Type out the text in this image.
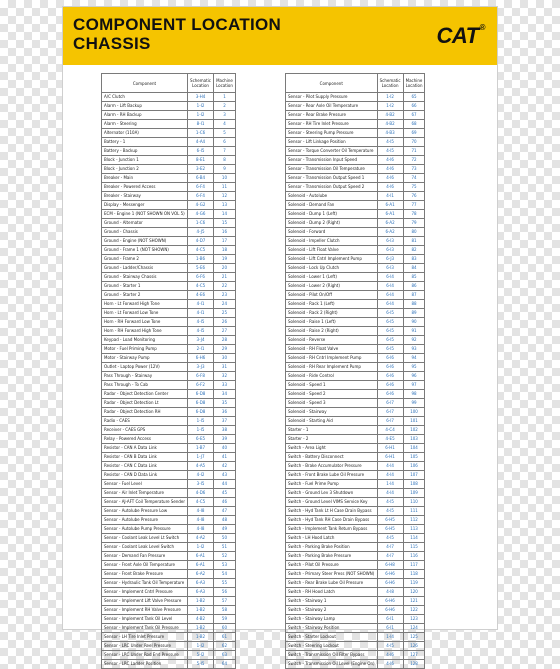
COMPONENT LOCATION
CHASSIS	CAT®
Component	Schematic Location	Machine Location
A/C Clutch	3-H4	1
Alarm - Lift Backup	1-I2	2
Alarm - RH Backup	1-I2	3
Alarm - Steering	8-I1	4
Alternator (110A)	1-C6	5
Battery - 1	4-A4	6
Battery - Backup	6-I5	7
Block - Junction 1	8-E1	8
Block - Junction 2	3-E2	9
Breaker - Main	6-B4	10
Breaker - Powered Access	6-F4	11
Breaker - Stairway	6-F4	12
Display - Messenger	4-G2	13
ECM - Engine 1 (NOT SHOWN ON VOL 5)	4-G6	14
Ground - Alternator	1-C6	15
Ground - Chassis	4-J5	16
Ground - Engine (NOT SHOWN)	4-D7	17
Ground - Frame 1 (NOT SHOWN)	4-C5	18
Ground - Frame 2	1-B6	19
Ground - Ladder/Chassis	5-E6	20
Ground - Stairway Chassis	6-F6	21
Ground - Starter 1	4-C5	22
Ground - Starter 2	4-E6	23
Horn - Lt Forward High Tone	4-I1	24
Horn - Lt Forward Low Tone	4-I1	25
Horn - RH Forward Low Tone	4-I5	26
Horn - RH Forward High Tone	4-I5	27
Keypad - Load Monitoring	3-J4	28
Motor - Fuel Priming Pump	2-I1	29
Motor - Stairway Pump	6-H6	30
Outlet - Laptop Power (12V)	3-J3	31
Pass Through - Stairway	6-F8	32
Pass Through - To Cab	6-F2	33
Radar - Object Detection Center	6-D8	34
Radar - Object Detection Lt	6-D8	35
Radar - Object Detection RH	6-D8	36
Radio - CAES	1-I5	37
Receiver - CAES GPS	1-I5	38
Relay - Powered Access	6-E5	39
Resistor - CAN A Data Link	1-B7	40
Resistor - CAN B Data Link	1-J7	41
Resistor - CAN C Data Link	4-A5	42
Resistor - CAN D Data Link	4-I2	43
Sensor - Fuel Level	3-I5	44
Sensor - Air Inlet Temperature	4-D6	45
Sensor - AJ-AFT Coil Temperature Sender	4-C5	46
Sensor - Autolube Pressure Low	4-I8	47
Sensor - Autolube Pressure	4-I8	48
Sensor - Autolube Pump Pressure	4-I8	49
Sensor - Coolant Leak Level Lt Switch	4-A2	50
Sensor - Coolant Leak Level Switch	1-I2	51
Sensor - Demand Fan Pressure	6-A1	52
Sensor - Front Axle Oil Temperature	6-A1	53
Sensor - Front Brake Pressure	6-A2	54
Sensor - Hydraulic Tank Oil Temperature	6-A3	55
Sensor - Implement Cntrl Pressure	6-A3	56
Sensor - Implement Lift Valve Pressure	1-B2	57
Sensor - Implement RH Valve Pressure	1-B2	58
Sensor - Implement Tank Oil Level	4-B2	59
Sensor - Implement Tank Oil Pressure	1-B2	60
Sensor - LH Tire Inlet Pressure	1-B2	61
Sensor - LRC Under Reel Pressure	1-I2	62
Sensor - LRC Under Rod End Pressure	5-I2	63
Sensor - LRC Ladder Position	5-I5	64
Component	Schematic Location	Machine Location
Sensor - Pilot Supply Pressure	1-I2	65
Sensor - Rear Axle Oil Temperature	1-I2	66
Sensor - Rear Brake Pressure	4-B2	67
Sensor - RH Tire Inlet Pressure	4-B2	68
Sensor - Steering Pump Pressure	4-B3	69
Sensor - Lift Linkage Position	4-I5	70
Sensor - Torque Converter Oil Temperature	4-I5	71
Sensor - Transmission Input Speed	4-I6	72
Sensor - Transmission Oil Temperature	4-I6	73
Sensor - Transmission Output Speed 1	4-I6	74
Sensor - Transmission Output Speed 2	4-I6	75
Solenoid - Autolube	4-I1	76
Solenoid - Demand Fan	6-A1	77
Solenoid - Dump 1 (Left)	6-A1	78
Solenoid - Dump 2 (Right)	6-A2	79
Solenoid - Forward	6-A2	80
Solenoid - Impeller Clutch	6-I3	81
Solenoid - Lift Float Valve	6-I3	82
Solenoid - Lift Cntrl Implement Pump	6-J3	83
Solenoid - Lock Up Clutch	6-I3	84
Solenoid - Lower 1 (Left)	6-I4	85
Solenoid - Lower 2 (Right)	6-I4	86
Solenoid - Pilot On/Off	6-I4	87
Solenoid - Rack 1 (Left)	6-I4	88
Solenoid - Rack 2 (Right)	6-I5	89
Solenoid - Raise 1 (Left)	6-I5	90
Solenoid - Raise 2 (Right)	6-I5	91
Solenoid - Reverse	6-I5	92
Solenoid - RH Float Valve	6-I5	93
Solenoid - RH Cntrl Implement Pump	6-I6	94
Solenoid - RH Rear Implement Pump	6-I6	95
Solenoid - Ride Control	6-I6	96
Solenoid - Speed 1	6-I6	97
Solenoid - Speed 2	6-I6	98
Solenoid - Speed 3	6-I7	99
Solenoid - Stairway	6-I7	100
Solenoid - Starting Aid	6-I7	101
Starter - 1	4-C4	102
Starter - 2	4-E5	103
Switch - Area Light	6-H1	104
Switch - Battery Disconnect	6-H1	105
Switch - Brake Accumulator Pressure	4-I4	106
Switch - Front Brake Lube Oil Pressure	4-I4	107
Switch - Fuel Prime Pump	1-I4	108
Switch - Ground Lev 3 Shutdown	4-I4	109
Switch - Ground Level VIMS Service Key	4-I5	110
Switch - Hyd Tank Lt H Case Drain Bypass	4-I5	111
Switch - Hyd Tank RH Case Drain Bypass	6-H5	112
Switch - Implement Tank Return Bypass	6-H5	113
Switch - LH Hood Latch	4-I5	114
Switch - Parking Brake Position	4-I7	115
Switch - Parking Brake Pressure	4-I7	116
Switch - Pilot Oil Pressure	6-H8	117
Switch - Primary Steer Press (NOT SHOWN)	6-H6	118
Switch - Rear Brake Lube Oil Pressure	6-H6	119
Switch - RH Hood Latch	4-I8	120
Switch - Stairway 1	6-H6	121
Switch - Stairway 2	6-H6	122
Switch - Stairway Lamp	6-I1	123
Switch - Stairway Position	6-I1	124
Switch - Starter Lockout	1-I4	125
Switch - Steering Lockout	4-I5	126
Switch - Transmission Oil Filter Bypass	4-I6	127
Switch - Transmission Oil Level (Engine On)	4-I6	128
